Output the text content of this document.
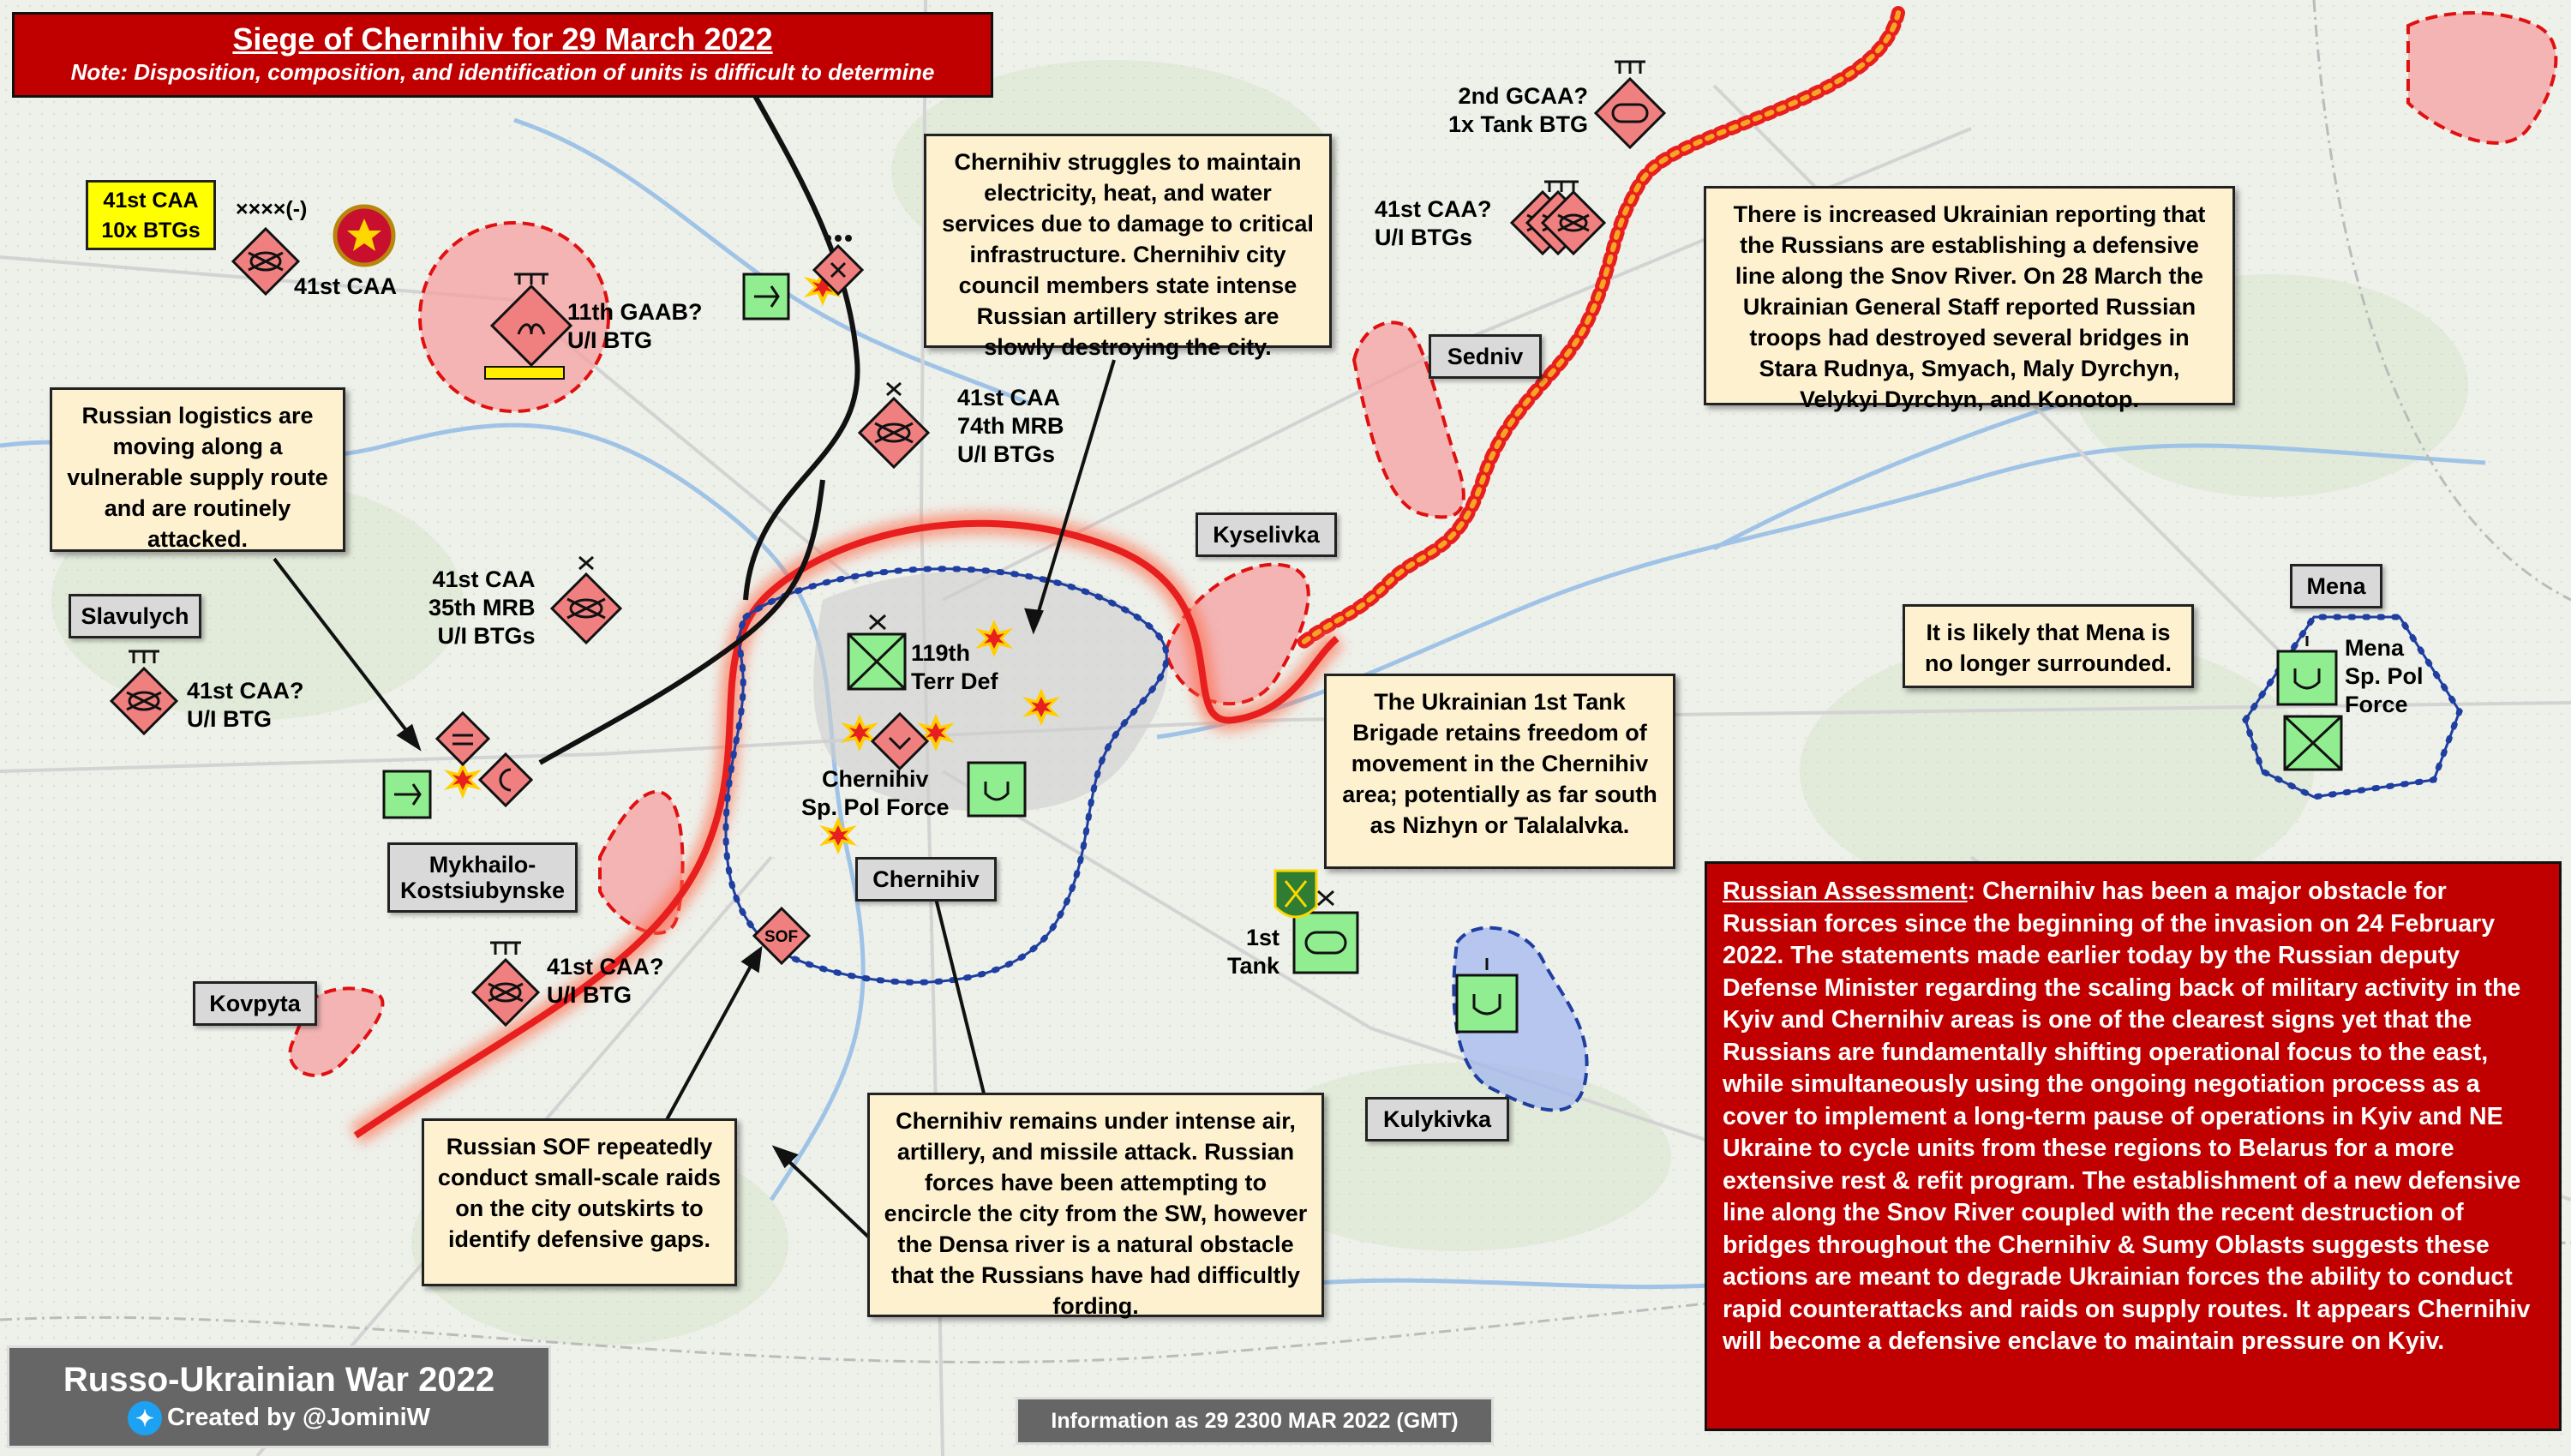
Siege of Chernihiv for 29 March 2022
Note: Disposition, composition, and identification of units is difficult to determine
41st CAA
10x BTGs
××××(-)
41st CAA
11th GAAB?
U/I BTG
41st CAA
74th MRB
U/I BTGs
41st CAA
35th MRB
U/I BTGs
41st CAA?
U/I BTG
41st CAA?
U/I BTG
2nd GCAA?
1x Tank BTG
41st CAA?
U/I BTGs
119th
Terr Def
Chernihiv
Sp. Pol Force
1st
Tank
Mena
Sp. Pol
Force
SOF
Slavulych
Mykhailo-
Kostsiubynske
Kovpyta
Chernihiv
Kyselivka
Sedniv
Kulykivka
Mena
Russian logistics are moving along a vulnerable supply route and are routinely attacked.
Chernihiv struggles to maintain electricity, heat, and water services due to damage to critical infrastructure. Chernihiv city council members state intense Russian artillery strikes are slowly destroying the city.
There is increased Ukrainian reporting that the Russians are establishing a defensive line along the Snov River. On 28 March the Ukrainian General Staff reported Russian troops had destroyed several bridges in Stara Rudnya, Smyach, Maly Dyrchyn, Velykyi Dyrchyn, and Konotop.
It is likely that Mena is no longer surrounded.
The Ukrainian 1st Tank Brigade retains freedom of movement in the Chernihiv area; potentially as far south as Nizhyn or Talalalvka.
Russian SOF repeatedly conduct small-scale raids on the city outskirts to identify defensive gaps.
Chernihiv remains under intense air, artillery, and missile attack. Russian forces have been attempting to encircle the city from the SW, however the Densa river is a natural obstacle that the Russians have had difficultly fording.
Russian Assessment: Chernihiv has been a major obstacle for Russian forces since the beginning of the invasion on 24 February 2022. The statements made earlier today by the Russian deputy Defense Minister regarding the scaling back of military activity in the Kyiv and Chernihiv areas is one of the clearest signs yet that the Russians are fundamentally shifting operational focus to the east, while simultaneously using the ongoing negotiation process as a cover to implement a long-term pause of operations in Kyiv and NE Ukraine to cycle units from these regions to Belarus for a more extensive rest & refit program. The establishment of a new defensive line along the Snov River coupled with the recent destruction of bridges throughout the Chernihiv & Sumy Oblasts suggests these actions are meant to degrade Ukrainian forces the ability to conduct rapid counterattacks and raids on supply routes. It appears Chernihiv will become a defensive enclave to maintain pressure on Kyiv.
Russo-Ukrainian War 2022
✦ Created by @JominiW	Information as 29 2300 MAR 2022 (GMT)
